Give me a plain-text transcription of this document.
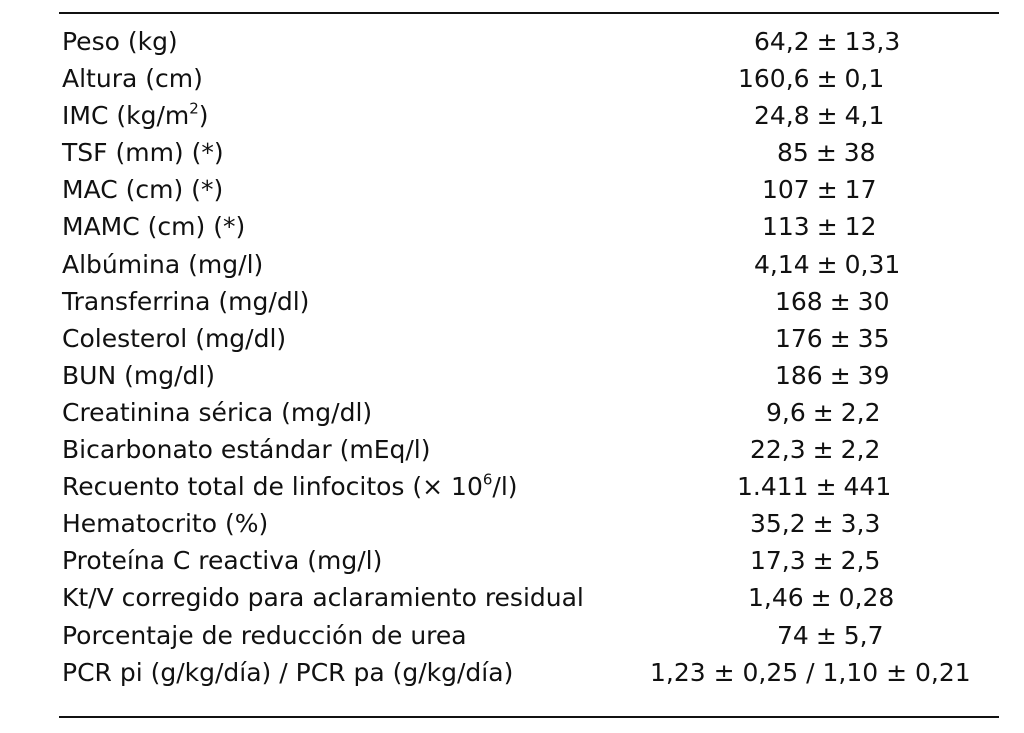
Peso (kg)	64,2 ± 13,3
Altura (cm)	160,6 ± 0,1
IMC $(kg/m^2)$	24,8 ± 4,1
TSF (mm) (*)	85 ± 38
MAC (cm) (*)	107 ± 17
MAMC (cm) (*)	113 ± 12
Albúmina (mg/l)	4,14 ± 0,31
Transferrina (mg/dl)	168 ± 30
Colesterol (mg/dl)	176 ± 35
BUN (mg/dl)	186 ± 39
Creatinina sérica (mg/dl)	9,6 ± 2,2
Bicarbonato estándar (mEq/l)	22,3 ± 2,2
Recuento total de linfocitos (× $10^6/l$)	1.411 ± 441
Hematocrito (%)	35,2 ± 3,3
Proteína C reactiva (mg/l)	17,3 ± 2,5
Kt/V corregido para aclaramiento residual	1,46 ± 0,28
Porcentaje de reducción de urea	74 ± 5,7
PCR pi (g/kg/día) / PCR pa (g/kg/día)	1,23 ± 0,25 / 1,10 ± 0,21
